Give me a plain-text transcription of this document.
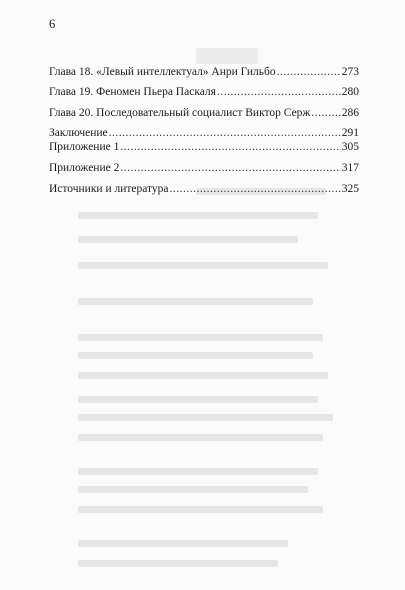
6
Глава 18. «Левый интеллектуал» Анри Гильбо .....	273
Глава 19. Феномен Пьера Паскаля .....	280
Глава 20. Последовательный социалист Виктор Серж .....	286
Заключение .....	291
Приложение 1 .....	305
Приложение 2 .....	317
Источники и литература .....	325
